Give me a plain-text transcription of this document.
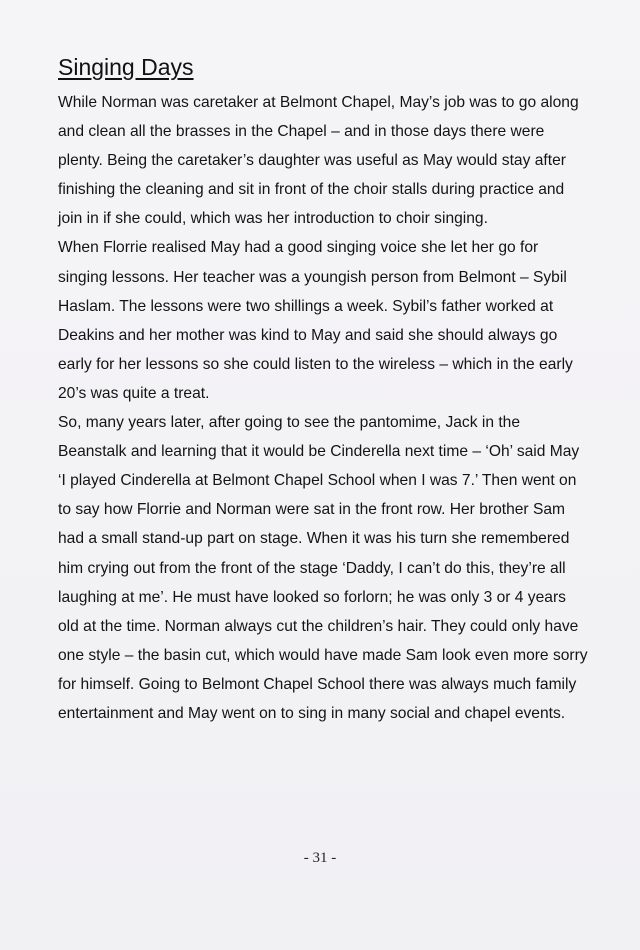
Singing Days

While Norman was caretaker at Belmont Chapel, May’s job was to go along and clean all the brasses in the Chapel – and in those days there were plenty. Being the caretaker’s daughter was useful as May would stay after finishing the cleaning and sit in front of the choir stalls during practice and join in if she could, which was her introduction to choir singing.

When Florrie realised May had a good singing voice she let her go for singing lessons. Her teacher was a youngish person from Belmont – Sybil Haslam. The lessons were two shillings a week. Sybil’s father worked at Deakins and her mother was kind to May and said she should always go early for her lessons so she could listen to the wireless – which in the early 20’s was quite a treat.

So, many years later, after going to see the pantomime, Jack in the Beanstalk and learning that it would be Cinderella next time – ‘Oh’ said May ‘I played Cinderella at Belmont Chapel School when I was 7.’ Then went on to say how Florrie and Norman were sat in the front row. Her brother Sam had a small stand-up part on stage. When it was his turn she remembered him crying out from the front of the stage ‘Daddy, I can’t do this, they’re all laughing at me’. He must have looked so forlorn; he was only 3 or 4 years old at the time. Norman always cut the children’s hair. They could only have one style – the basin cut, which would have made Sam look even more sorry for himself. Going to Belmont Chapel School there was always much family entertainment and May went on to sing in many social and chapel events.

- 31 -
